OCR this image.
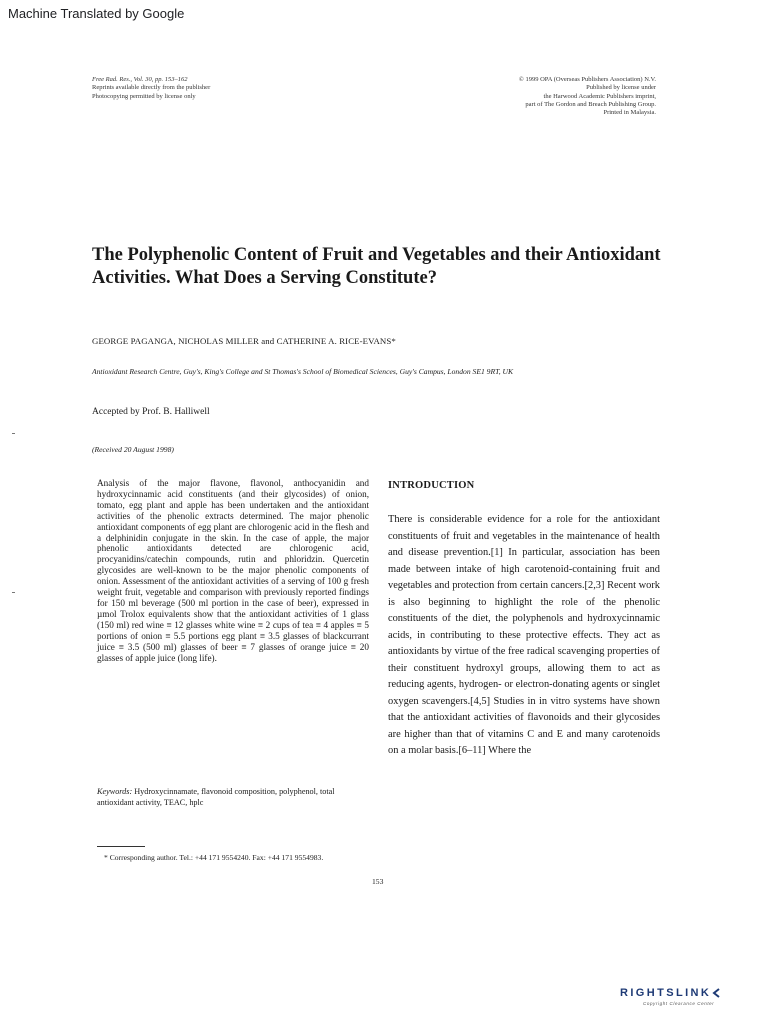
Machine Translated by Google
Free Rad. Res., Vol. 30, pp. 153–162
Reprints available directly from the publisher
Photocopying permitted by license only
© 1999 OPA (Overseas Publishers Association) N.V.
Published by license under
the Harwood Academic Publishers imprint,
part of The Gordon and Breach Publishing Group.
Printed in Malaysia.
The Polyphenolic Content of Fruit and Vegetables and their Antioxidant Activities. What Does a Serving Constitute?
GEORGE PAGANGA, NICHOLAS MILLER and CATHERINE A. RICE-EVANS*
Antioxidant Research Centre, Guy's, King's College and St Thomas's School of Biomedical Sciences, Guy's Campus, London SE1 9RT, UK
Accepted by Prof. B. Halliwell
(Received 20 August 1998)

Analysis of the major flavone, flavonol, anthocyanidin and hydroxycinnamic acid constituents (and their glycosides) of onion, tomato, egg plant and apple has been undertaken and the antioxidant activities of the phenolic extracts determined. The major phenolic antioxidant components of egg plant are chlorogenic acid in the flesh and a delphinidin conjugate in the skin. In the case of apple, the major phenolic antioxidants detected are chlorogenic acid, procyanidins/catechin compounds, rutin and phloridzin. Quercetin glycosides are well-known to be the major phenolic components of onion. Assessment of the antioxidant activities of a serving of 100 g fresh weight fruit, vegetable and comparison with previously reported findings for 150 ml beverage (500 ml portion in the case of beer), expressed in µmol Trolox equivalents show that the antioxidant activities of 1 glass (150 ml) red wine ≡ 12 glasses white wine ≡ 2 cups of tea ≡ 4 apples ≡ 5 portions of onion ≡ 5.5 portions egg plant ≡ 3.5 glasses of blackcurrant juice ≡ 3.5 (500 ml) glasses of beer ≡ 7 glasses of orange juice ≡ 20 glasses of apple juice (long life).

Keywords: Hydroxycinnamate, flavonoid composition, polyphenol, total antioxidant activity, TEAC, hplc
INTRODUCTION

There is considerable evidence for a role for the antioxidant constituents of fruit and vegetables in the maintenance of health and disease prevention.[1] In particular, association has been made between intake of high carotenoid-containing fruit and vegetables and protection from certain cancers.[2,3] Recent work is also beginning to highlight the role of the phenolic constituents of the diet, the polyphenols and hydroxycinnamic acids, in contributing to these protective effects. They act as antioxidants by virtue of the free radical scavenging properties of their constituent hydroxyl groups, allowing them to act as reducing agents, hydrogen- or electron-donating agents or singlet oxygen scavengers.[4,5] Studies in in vitro systems have shown that the antioxidant activities of flavonoids and their glycosides are higher than that of vitamins C and E and many carotenoids on a molar basis.[6–11] Where the

* Corresponding author. Tel.: +44 171 9554240. Fax: +44 171 9554983.
153
RIGHTSLINK
Copyright Clearance Center
